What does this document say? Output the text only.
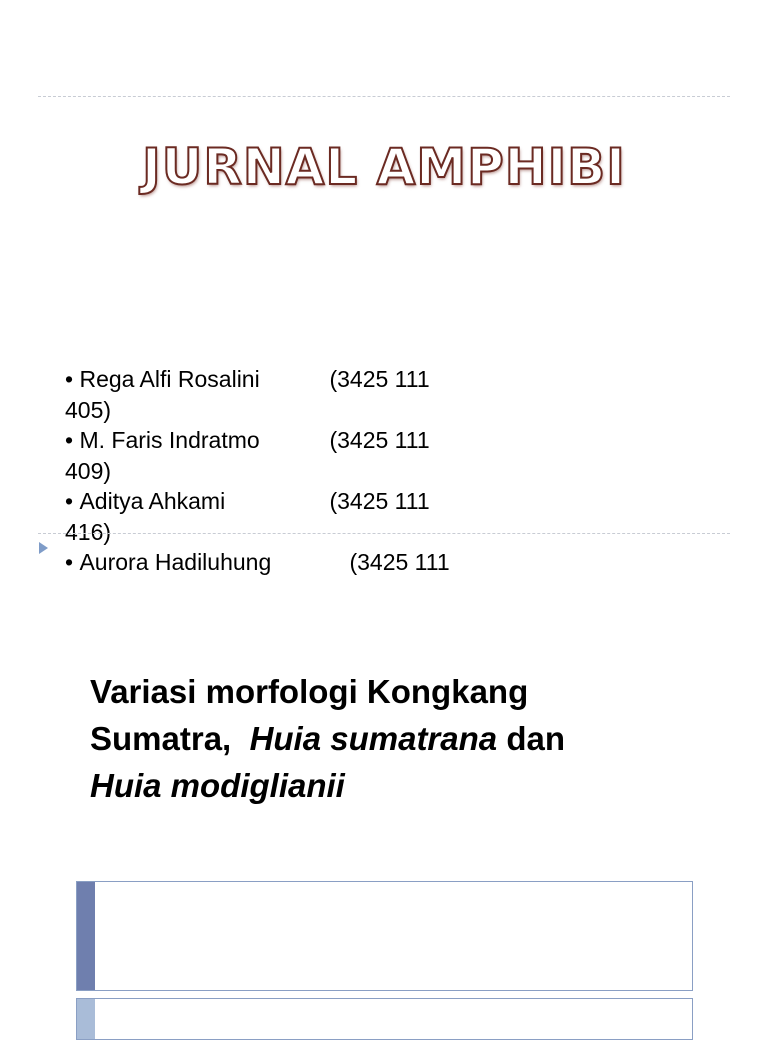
JURNAL AMPHIBI
• Rega Alfi Rosalini	(3425 111
405)
• M. Faris Indratmo	(3425 111
409)
• Aditya Ahkami	(3425 111
416)
• Aurora Hadiluhung	(3425 111
Variasi morfologi Kongkang
Sumatra, Huia sumatrana dan
Huia modiglianii
